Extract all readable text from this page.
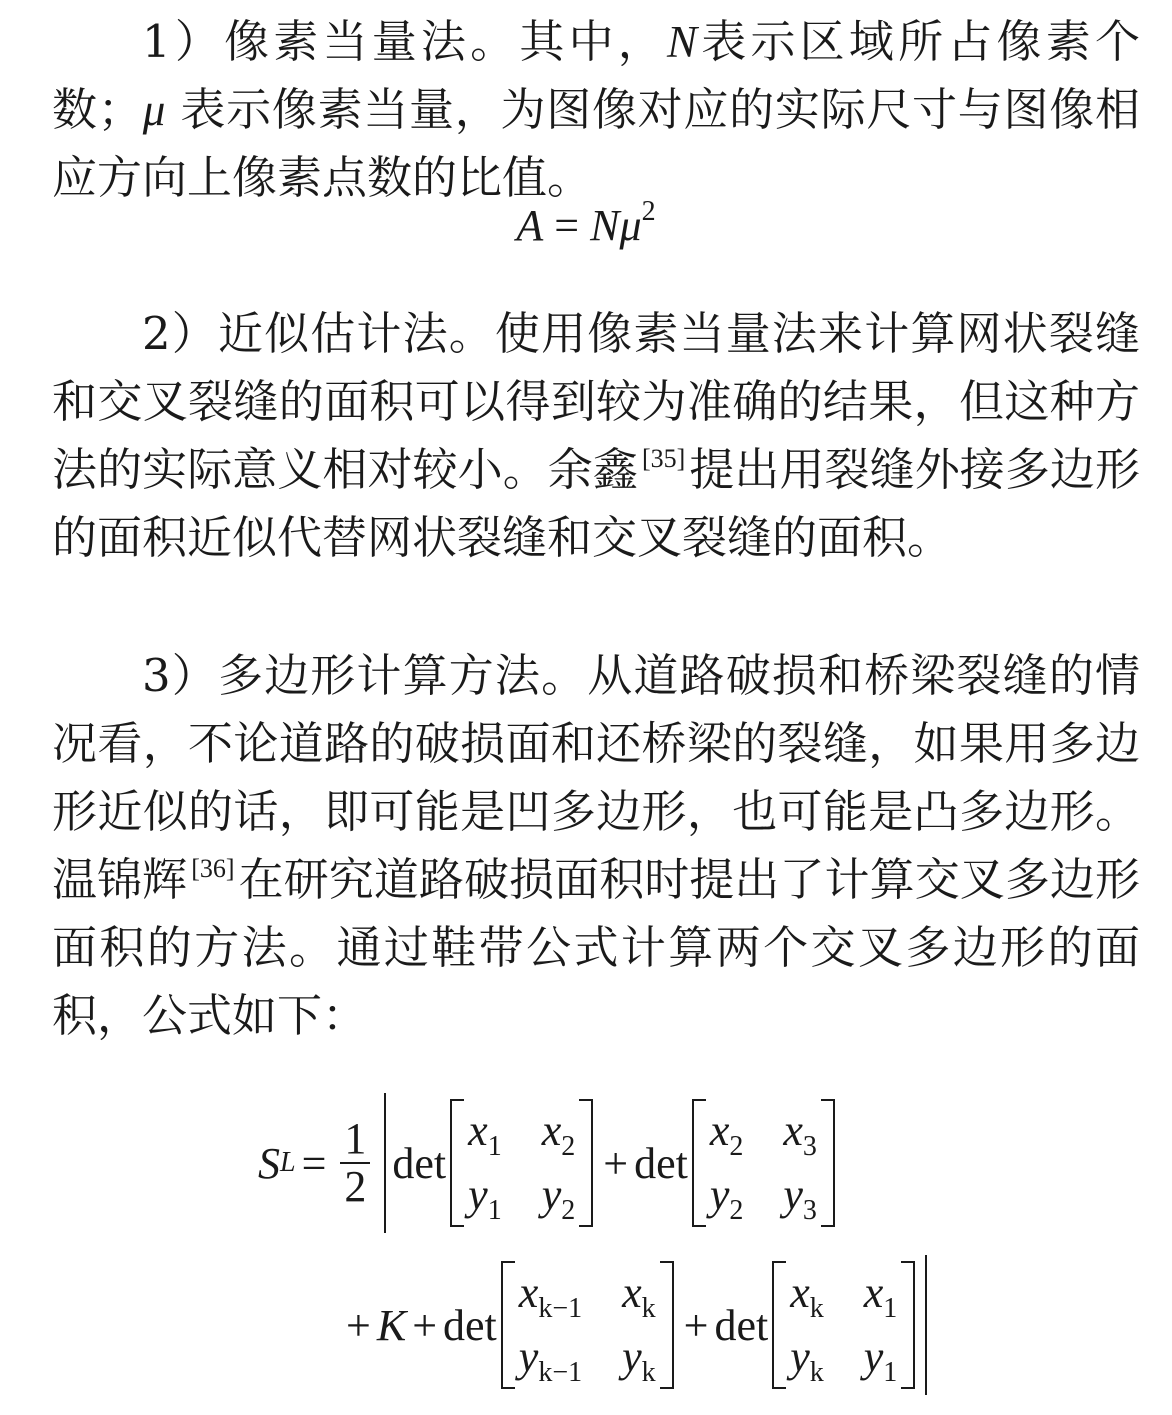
1）像素当量法。其中，N表示区域所占像素个数；μ 表示像素当量，为图像对应的实际尺寸与图像相应方向上像素点数的比值。

$A = N\mu^2$

2）近似估计法。使用像素当量法来计算网状裂缝和交叉裂缝的面积可以得到较为准确的结果，但这种方法的实际意义相对较小。余鑫 [35]提出用裂缝外接多边形的面积近似代替网状裂缝和交叉裂缝的面积。

3）多边形计算方法。从道路破损和桥梁裂缝的情况看，不论道路的破损面和还桥梁的裂缝，如果用多边形近似的话，即可能是凹多边形，也可能是凸多边形。温锦辉 [36]在研究道路破损面积时提出了计算交叉多边形面积的方法。通过鞋带公式计算两个交叉多边形的面积，公式如下：

S $L = \frac{1}{2}$ det
$x_1$ $x_2$
$y_1$ $y_2$
+ det
$x_2$ $x_3$
$y_2$ $y_3$
+ K + det
$x_{k-1}$ $x_k$
$y_{k-1}$ $y_k$
+ det
$x_k$ $x_1$
$y_k$ $y_1$
